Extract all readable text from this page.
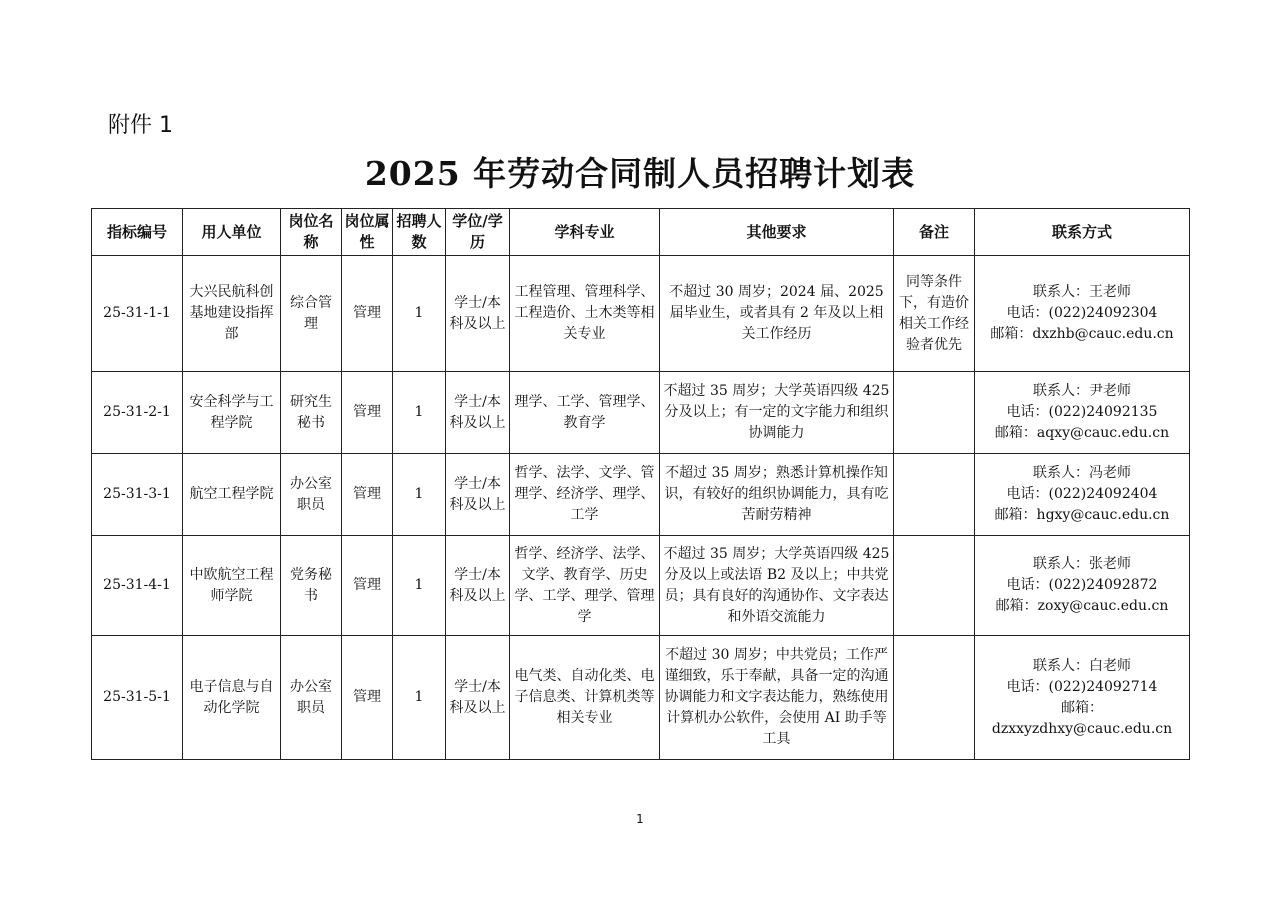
附件 1
2025 年劳动合同制人员招聘计划表
指标编号	用人单位	岗位名称	岗位属性	招聘人数	学位/学历	学科专业	其他要求	备注	联系方式
25-31-1-1	大兴民航科创基地建设指挥部	综合管理	管理	1	学士/本科及以上	工程管理、管理科学、工程造价、土木类等相关专业	不超过 30 周岁；2024 届、2025 届毕业生，或者具有 2 年及以上相关工作经历	同等条件下，有造价相关工作经验者优先	联系人：王老师
电话：(022)24092304
邮箱：dxzhb@cauc.edu.cn

25-31-2-1	安全科学与工程学院	研究生秘书	管理	1	学士/本科及以上	理学、工学、管理学、教育学	不超过 35 周岁；大学英语四级 425 分及以上；有一定的文字能力和组织协调能力		联系人：尹老师
电话：(022)24092135
邮箱：aqxy@cauc.edu.cn

25-31-3-1	航空工程学院	办公室职员	管理	1	学士/本科及以上	哲学、法学、文学、管理学、经济学、理学、工学	不超过 35 周岁；熟悉计算机操作知识，有较好的组织协调能力，具有吃苦耐劳精神		联系人：冯老师
电话：(022)24092404
邮箱：hgxy@cauc.edu.cn

25-31-4-1	中欧航空工程师学院	党务秘书	管理	1	学士/本科及以上	哲学、经济学、法学、文学、教育学、历史学、工学、理学、管理学	不超过 35 周岁；大学英语四级 425 分及以上或法语 B2 及以上；中共党员；具有良好的沟通协作、文字表达和外语交流能力		联系人：张老师
电话：(022)24092872
邮箱：zoxy@cauc.edu.cn

25-31-5-1	电子信息与自动化学院	办公室职员	管理	1	学士/本科及以上	电气类、自动化类、电子信息类、计算机类等相关专业	不超过 30 周岁；中共党员；工作严谨细致，乐于奉献，具备一定的沟通协调能力和文字表达能力，熟练使用计算机办公软件，会使用 AI 助手等工具		联系人：白老师
电话：(022)24092714
邮箱：
dzxxyzdhxy@cauc.edu.cn
1
